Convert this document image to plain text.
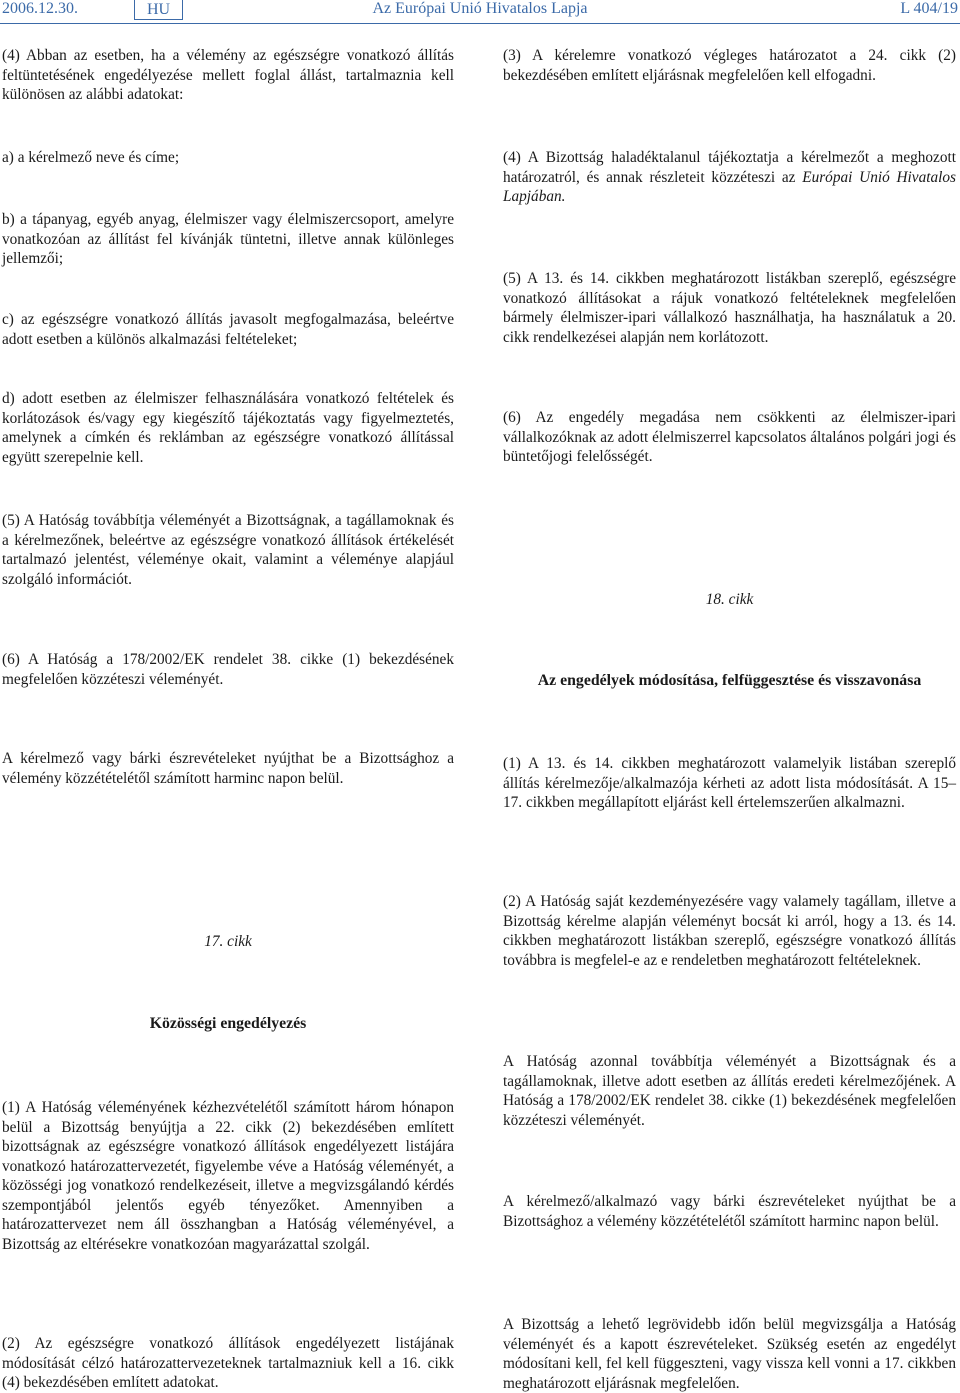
2006.12.30.	HU	Az Európai Unió Hivatalos Lapja	L 404/19
(4) Abban az esetben, ha a vélemény az egészségre vonatkozó állítás feltüntetésének engedélyezése mellett foglal állást, tartalmaznia kell különösen az alábbi adatokat:
a) a kérelmező neve és címe;
b) a tápanyag, egyéb anyag, élelmiszer vagy élelmiszercsoport, amelyre vonatkozóan az állítást fel kívánják tüntetni, illetve annak különleges jellemzői;
c) az egészségre vonatkozó állítás javasolt megfogalmazása, beleértve adott esetben a különös alkalmazási feltételeket;
d) adott esetben az élelmiszer felhasználására vonatkozó feltételek és korlátozások és/vagy egy kiegészítő tájékoztatás vagy figyelmeztetés, amelynek a címkén és reklámban az egészségre vonatkozó állítással együtt szerepelnie kell.
(5) A Hatóság továbbítja véleményét a Bizottságnak, a tagállamoknak és a kérelmezőnek, beleértve az egészségre vonatkozó állítások értékelését tartalmazó jelentést, véleménye okait, valamint a véleménye alapjául szolgáló információt.
(6) A Hatóság a 178/2002/EK rendelet 38. cikke (1) bekezdésének megfelelően közzéteszi véleményét.
A kérelmező vagy bárki észrevételeket nyújthat be a Bizottsághoz a vélemény közzétételétől számított harminc napon belül.
17. cikk
Közösségi engedélyezés
(1) A Hatóság véleményének kézhezvételétől számított három hónapon belül a Bizottság benyújtja a 22. cikk (2) bekezdésében említett bizottságnak az egészségre vonatkozó állítások engedélyezett listájára vonatkozó határozattervezetét, figyelembe véve a Hatóság véleményét, a közösségi jog vonatkozó rendelkezéseit, illetve a megvizsgálandó kérdés szempontjából jelentős egyéb tényezőket. Amennyiben a határozattervezet nem áll összhangban a Hatóság véleményével, a Bizottság az eltérésekre vonatkozóan magyarázattal szolgál.
(2) Az egészségre vonatkozó állítások engedélyezett listájának módosítását célzó határozattervezeteknek tartalmazniuk kell a 16. cikk (4) bekezdésében említett adatokat.
(3) A kérelemre vonatkozó végleges határozatot a 24. cikk (2) bekezdésében említett eljárásnak megfelelően kell elfogadni.
(4) A Bizottság haladéktalanul tájékoztatja a kérelmezőt a meghozott határozatról, és annak részleteit közzéteszi az Európai Unió Hivatalos Lapjában.
(5) A 13. és 14. cikkben meghatározott listákban szereplő, egészségre vonatkozó állításokat a rájuk vonatkozó feltételeknek megfelelően bármely élelmiszer-ipari vállalkozó használhatja, ha használatuk a 20. cikk rendelkezései alapján nem korlátozott.
(6) Az engedély megadása nem csökkenti az élelmiszer-ipari vállalkozóknak az adott élelmiszerrel kapcsolatos általános polgári jogi és büntetőjogi felelősségét.
18. cikk
Az engedélyek módosítása, felfüggesztése és visszavonása
(1) A 13. és 14. cikkben meghatározott valamelyik listában szereplő állítás kérelmezője/alkalmazója kérheti az adott lista módosítását. A 15–17. cikkben megállapított eljárást kell értelemszerűen alkalmazni.
(2) A Hatóság saját kezdeményezésére vagy valamely tagállam, illetve a Bizottság kérelme alapján véleményt bocsát ki arról, hogy a 13. és 14. cikkben meghatározott listákban szereplő, egészségre vonatkozó állítás továbbra is megfelel-e az e rendeletben meghatározott feltételeknek.
A Hatóság azonnal továbbítja véleményét a Bizottságnak és a tagállamoknak, illetve adott esetben az állítás eredeti kérelmezőjének. A Hatóság a 178/2002/EK rendelet 38. cikke (1) bekezdésének megfelelően közzéteszi véleményét.
A kérelmező/alkalmazó vagy bárki észrevételeket nyújthat be a Bizottsághoz a vélemény közzétételétől számított harminc napon belül.
A Bizottság a lehető legrövidebb időn belül megvizsgálja a Hatóság véleményét és a kapott észrevételeket. Szükség esetén az engedélyt módosítani kell, fel kell függeszteni, vagy vissza kell vonni a 17. cikkben meghatározott eljárásnak megfelelően.
